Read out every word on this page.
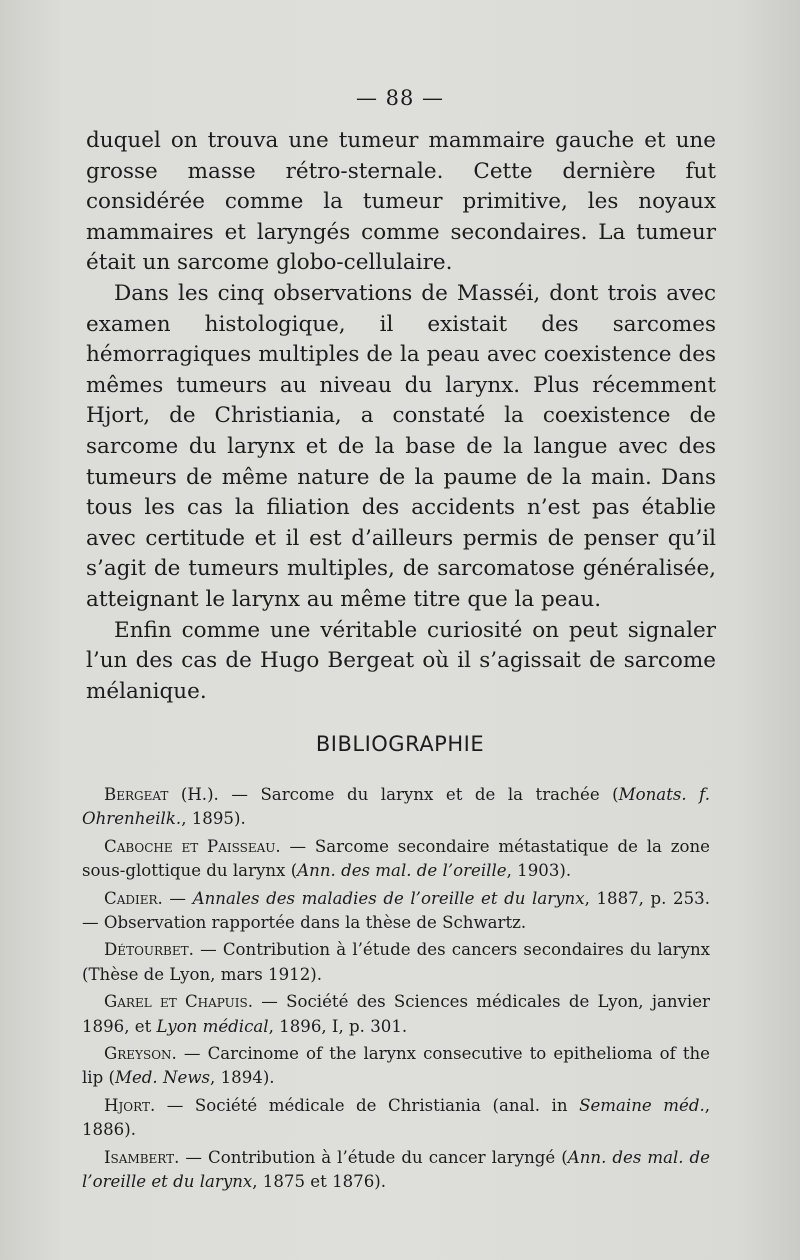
— 88 —

duquel on trouva une tumeur mammaire gauche et une grosse masse rétro-sternale. Cette dernière fut considérée comme la tumeur primitive, les noyaux mammaires et laryngés comme secondaires. La tumeur était un sarcome globo-cellulaire.

Dans les cinq observations de Masséi, dont trois avec examen histologique, il existait des sarcomes hémorragiques multiples de la peau avec coexistence des mêmes tumeurs au niveau du larynx. Plus récemment Hjort, de Christiania, a constaté la coexistence de sarcome du larynx et de la base de la langue avec des tumeurs de même nature de la paume de la main. Dans tous les cas la filiation des accidents n’est pas établie avec certitude et il est d’ailleurs permis de penser qu’il s’agit de tumeurs multiples, de sarcomatose généralisée, atteignant le larynx au même titre que la peau.

Enfin comme une véritable curiosité on peut signaler l’un des cas de Hugo Bergeat où il s’agissait de sarcome mélanique.

BIBLIOGRAPHIE

Bergeat (H.). — Sarcome du larynx et de la trachée (Monats. f. Ohrenheilk., 1895).

Caboche et Paisseau. — Sarcome secondaire métastatique de la zone sous-glottique du larynx (Ann. des mal. de l’oreille, 1903).

Cadier. — Annales des maladies de l’oreille et du larynx, 1887, p. 253. — Observation rapportée dans la thèse de Schwartz.

Détourbet. — Contribution à l’étude des cancers secondaires du larynx (Thèse de Lyon, mars 1912).

Garel et Chapuis. — Société des Sciences médicales de Lyon, janvier 1896, et Lyon médical, 1896, I, p. 301.

Greyson. — Carcinome of the larynx consecutive to epithelioma of the lip (Med. News, 1894).

Hjort. — Société médicale de Christiania (anal. in Semaine méd., 1886).

Isambert. — Contribution à l’étude du cancer laryngé (Ann. des mal. de l’oreille et du larynx, 1875 et 1876).
